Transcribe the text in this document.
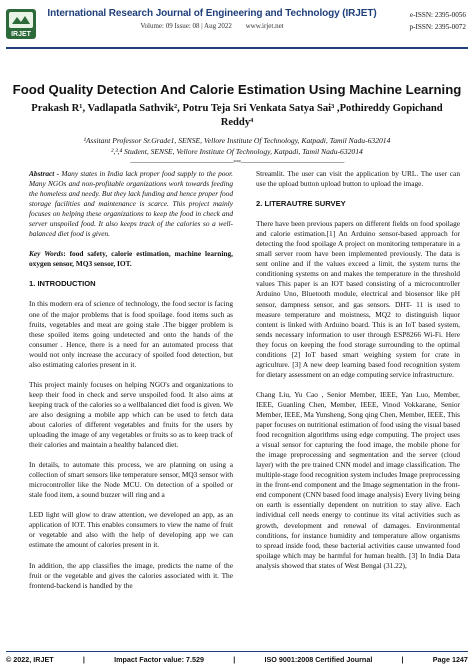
IRJET
International Research Journal of Engineering and Technology (IRJET)
Volume: 09 Issue: 08 | Aug 2022 www.irjet.net
e-ISSN: 2395-0056
p-ISSN: 2395-0072
Food Quality Detection And Calorie Estimation Using Machine Learning
Prakash R¹, Vadlapatla Sathvik², Potru Teja Sri Venkata Satya Sai³ ,Pothireddy Gopichand
Reddy⁴
¹Assitant Professor Sr.Grade1, SENSE, Vellore Institute Of Technology, Katpadi, Tamil Nadu-632014
²,³,⁴ Student, SENSE, Vellore Institute Of Technology, Katpadi, Tamil Nadu-632014
--------------------------------------------------------------------------***--------------------------------------------------------------------------

Abstract - Many states in India lack proper food supply to the poor. Many NGOs and non-profitable organizations work towards feeding the homeless and needy. But they lack funding and hence proper food storage facilities and maintenance is scarce. This project mainly focuses on helping these organizations to keep the food in check and server unspoiled food. It also keeps track of the calories so a well-balanced diet food is given.

Key Words: food safety, calorie estimation, machine learning, oxygen sensor, MQ3 sensor, IOT.

1. INTRODUCTION

In this modern era of science of technology, the food sector is facing one of the major problems that is food spoilage. food items such as fruits, vegetables and meat are going stale .The bigger problem is these spoiled items going undetected and onto the hands of the consumer . Hence, there is a need for an automated process that would not only increase the accuracy of spoiled food detection, but also estimating calories present in it.

This project mainly focuses on helping NGO's and organizations to keep their food in check and serve unspoiled food. It also aims at keeping track of the calories so a wellbalanced diet food is given. We are also designing a mobile app which can be used to fetch data about calories of different vegetables and fruits for the users by uploading the image of any vegetables or fruits so as to keep track of their calories and maintain a healthy balanced diet.

In details, to automate this process, we are planning on using a collection of smart sensors like temperature sensor, MQ3 sensor with microcontroller like the Node MCU. On detection of a spoiled or stale food item, a sound buzzer will ring and a

LED light will glow to draw attention, we developed an app, as an application of IOT. This enables consumers to view the name of fruit or vegetable and also with the help of developing app we can estimate the amount of calories present in it.

In addition, the app classifies the image, predicts the name of the fruit or the vegetable and gives the calories associated with it. The frontend-backend is handled by the

Streamlit. The user can visit the application by URL. The user can use the upload button upload button to upload the image.

2. LITERAUTRE SURVEY

There have been previous papers on different fields on food spoilage and calorie estimation.[1] An Arduino sensor-based approach for detecting the food spoilage A project on monitoring temperature in a small server room have been implemented previously. The data is sent online and if the values exceed a limit, the system turns the conditioning systems on and makes the temperature in the threshold values This paper is an IOT based consisting of a microcontroller Arduino Uno, Bluetooth module, electrical and biosensor like pH sensor, dampness sensor, and gas sensors. DHT- 11 is used to measure temperature and moistness, MQ2 to distinguish liquor content is linked with Arduino board. This is an IoT based system, sends necessary information to user through ESP8266 Wi-Fi. Here they focus on keeping the food storage surrounding to the optimal conditions [2] IoT based smart weighing system for crate in agriculture. [3] A new deep learning based food recognition system for dietary assessment on an edge computing service infrastructure.

Chang Liu, Yu Cao , Senior Member, IEEE, Yan Luo, Member, IEEE, Guanling Chen, Member, IEEE, Vinod Vokkarane, Senior Member, IEEE, Ma Yunsheng, Song qing Chen, Member, IEEE, This paper focuses on nutritional estimation of food using the visual based food recognition algorithms using edge computing. The project uses a visual sensor for capturing the food image, the mobile phone for the image preprocessing and segmentation and the server (cloud layer) with the pre trained CNN model and image classification. The multiple-stage food recognition system includes Image preprocessing in the front-end component and the Image segmentation in the front-end component (CNN based food image analysis) Every living being on earth is essentially dependent on nutrition to stay alive. Each individual cell needs energy to continue its vital activities such as growth, development and renewal of damages. Environmental conditions, for instance humidity and temperature allow organisms to spread inside food, these bacterial activities cause unwanted food spoilage which may be harmful for human health. [3] In India Data analysis showed that states of West Bengal (31.22),

© 2022, IRJET	|	Impact Factor value: 7.529	|	ISO 9001:2008 Certified Journal	|	Page 1247
